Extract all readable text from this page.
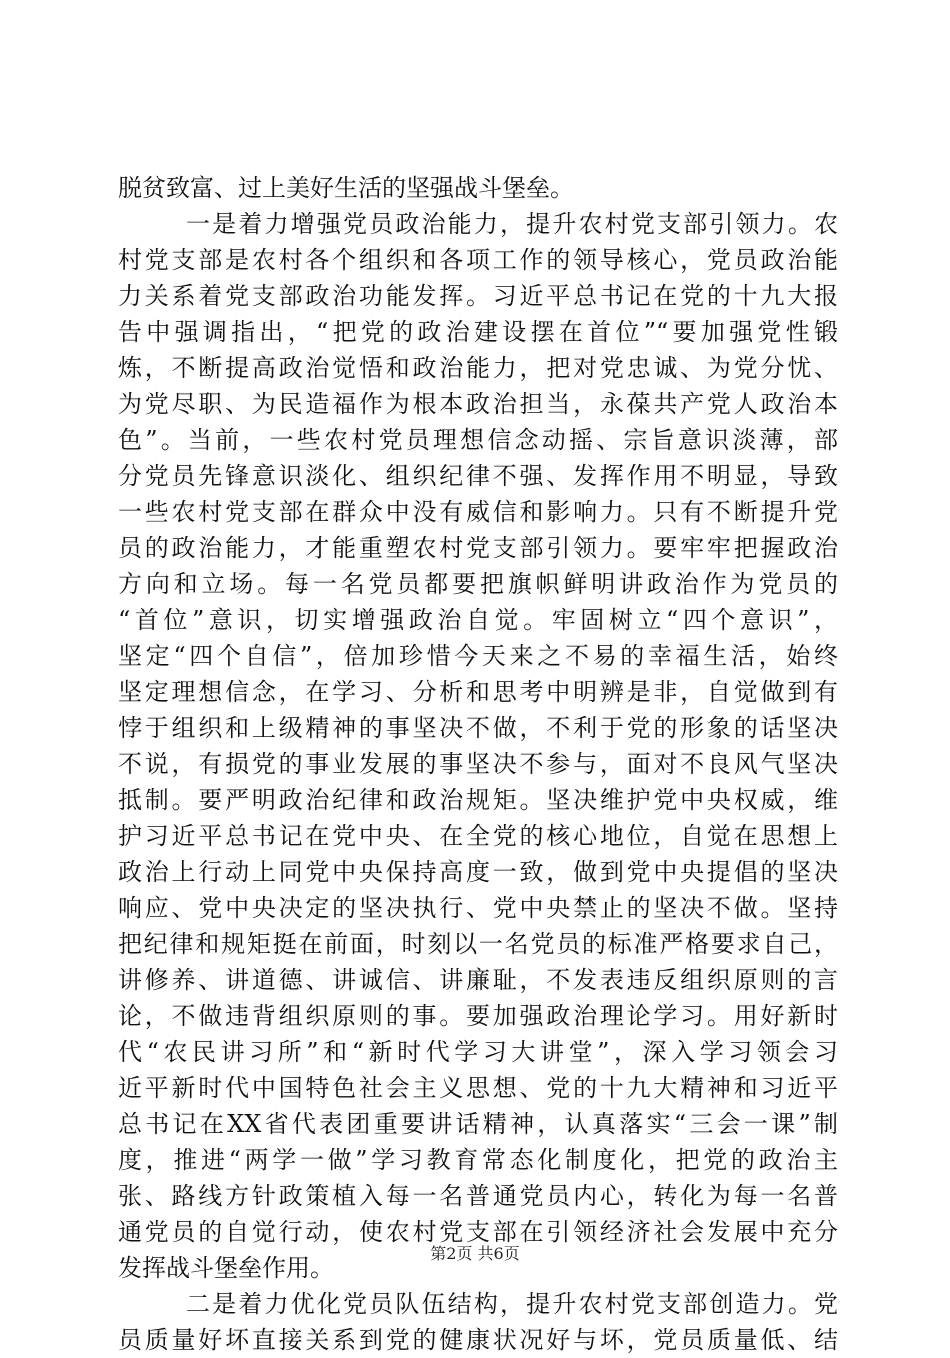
脱贫致富、过上美好生活的坚强战斗堡垒。
一是着力增强党员政治能力，提升农村党支部引领力。农
村党支部是农村各个组织和各项工作的领导核心，党员政治能
力关系着党支部政治功能发挥。习近平总书记在党的十九大报
告中强调指出，“把党的政治建设摆在首位”“要加强党性锻
炼，不断提高政治觉悟和政治能力，把对党忠诚、为党分忧、
为党尽职、为民造福作为根本政治担当，永葆共产党人政治本
色”。当前，一些农村党员理想信念动摇、宗旨意识淡薄，部
分党员先锋意识淡化、组织纪律不强、发挥作用不明显，导致
一些农村党支部在群众中没有威信和影响力。只有不断提升党
员的政治能力，才能重塑农村党支部引领力。要牢牢把握政治
方向和立场。每一名党员都要把旗帜鲜明讲政治作为党员的
“首位”意识，切实增强政治自觉。牢固树立“四个意识”，
坚定“四个自信”，倍加珍惜今天来之不易的幸福生活，始终
坚定理想信念，在学习、分析和思考中明辨是非，自觉做到有
悖于组织和上级精神的事坚决不做，不利于党的形象的话坚决
不说，有损党的事业发展的事坚决不参与，面对不良风气坚决
抵制。要严明政治纪律和政治规矩。坚决维护党中央权威，维
护习近平总书记在党中央、在全党的核心地位，自觉在思想上
政治上行动上同党中央保持高度一致，做到党中央提倡的坚决
响应、党中央决定的坚决执行、党中央禁止的坚决不做。坚持
把纪律和规矩挺在前面，时刻以一名党员的标准严格要求自己，
讲修养、讲道德、讲诚信、讲廉耻，不发表违反组织原则的言
论，不做违背组织原则的事。要加强政治理论学习。用好新时
代“农民讲习所”和“新时代学习大讲堂”，深入学习领会习
近平新时代中国特色社会主义思想、党的十九大精神和习近平
总书记在XX省代表团重要讲话精神，认真落实“三会一课”制
度，推进“两学一做”学习教育常态化制度化，把党的政治主
张、路线方针政策植入每一名普通党员内心，转化为每一名普
通党员的自觉行动，使农村党支部在引领经济社会发展中充分
发挥战斗堡垒作用。
二是着力优化党员队伍结构，提升农村党支部创造力。党
员质量好坏直接关系到党的健康状况好与坏，党员质量低、结
第2页 共6页
